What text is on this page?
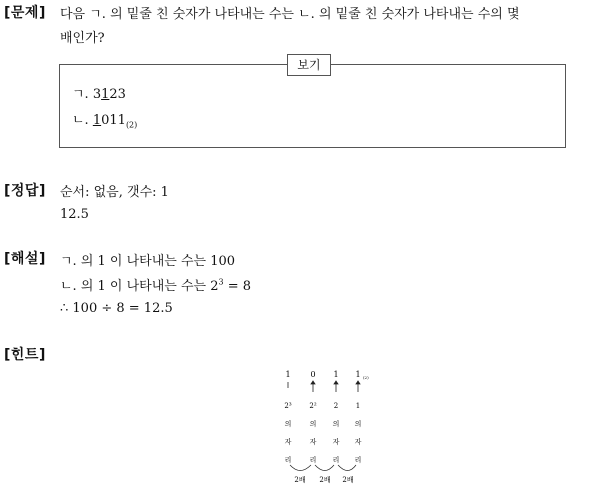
[문제] 다음 ㄱ. 의 밑줄 친 숫자가 나타내는 수는 ㄴ. 의 밑줄 친 숫자가 나타내는 수의 몇
배인가?
보기
ㄱ. 3123
ㄴ. $1011_{(2)}$
[정답] 순서: 없음, 갯수: 1
12.5
[해설] ㄱ. 의 1 이 나타내는 수는 100
ㄴ. 의 1 이 나타내는 수는 $2^3 = 8$
∴ 100 ÷ 8 = 12.5
[힌트]
1 0 1 1 (2)
2³	2² 2	1
의	의 의 의
자	자 자 자
리	리 리 리
2배 2배 2배
